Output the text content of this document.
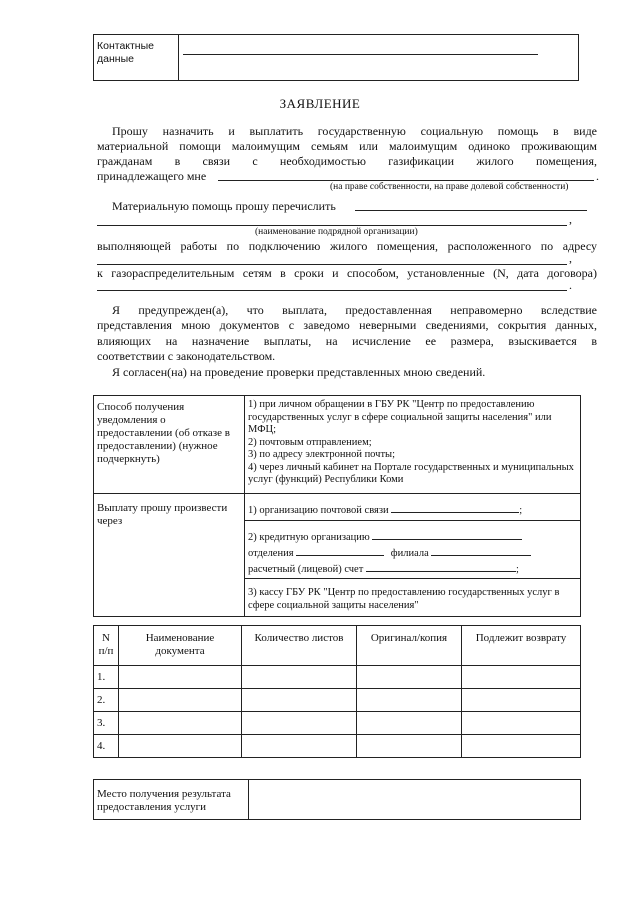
Контактные
данные

ЗАЯВЛЕНИЕ
Прошу назначить и выплатить государственную социальную помощь в виде
материальной помощи малоимущим семьям или малоимущим одиноко проживающим
гражданам в связи с необходимостью газификации жилого помещения,
принадлежащего мне	.
(на праве собственности, на праве долевой собственности)
Материальную помощь прошу перечислить
,
(наименование подрядной организации)
выполняющей работы по подключению жилого помещения, расположенного по адресу
,
к газораспределительным сетям в сроки и способом, установленные (N, дата договора)
.
Я предупрежден(а), что выплата, предоставленная неправомерно вследствие
представления мною документов с заведомо неверными сведениями, сокрытия данных,
влияющих на назначение выплаты, на исчисление ее размера, взыскивается в
соответствии с законодательством.
Я согласен(на) на проведение проверки представленных мною сведений.
Способ получения уведомления о предоставлении (об отказе в предоставлении) (нужное подчеркнуть)	1) при личном обращении в ГБУ РК "Центр по предоставлению государственных услуг в сфере социальной защиты населения" или МФЦ;
2) почтовым отправлением;
3) по адресу электронной почты;
4) через личный кабинет на Портале государственных и муниципальных услуг (функций) Республики Коми

Выплату прошу произвести через	1) организацию почтовой связи ;

	2) кредитную организацию
отделения филиала
расчетный (лицевой) счет ;

	3) кассу ГБУ РК "Центр по предоставлению государственных услуг в сфере социальной защиты населения"
N п/п	Наименование документа	Количество листов	Оригинал/копия	Подлежит возврату
1.				
2.				
3.				
4.				
Место получения результата предоставления услуги	
